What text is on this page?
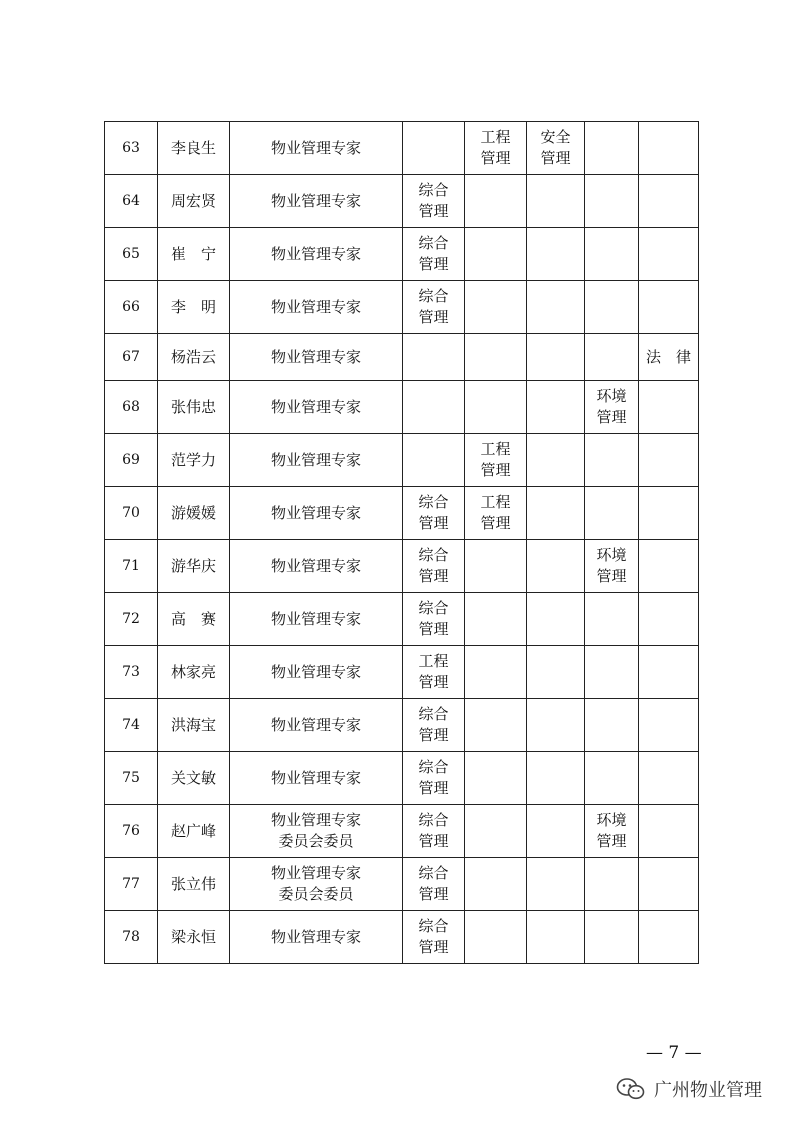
63	李良生	物业管理专家		工程
管理	安全
管理		

64	周宏贤	物业管理专家	综合
管理				

65	崔　宁	物业管理专家	综合
管理				

66	李　明	物业管理专家	综合
管理				

67	杨浩云	物业管理专家					法　律

68	张伟忠	物业管理专家				环境
管理	

69	范学力	物业管理专家		工程
管理			

70	游媛媛	物业管理专家	综合
管理	工程
管理			

71	游华庆	物业管理专家	综合
管理			环境
管理	

72	高　赛	物业管理专家	综合
管理				

73	林家亮	物业管理专家	工程
管理				

74	洪海宝	物业管理专家	综合
管理				

75	关文敏	物业管理专家	综合
管理				

76	赵广峰	物业管理专家
委员会委员	综合
管理			环境
管理	

77	张立伟	物业管理专家
委员会委员	综合
管理				

78	梁永恒	物业管理专家	综合
管理				

— 7 —
广州物业管理
